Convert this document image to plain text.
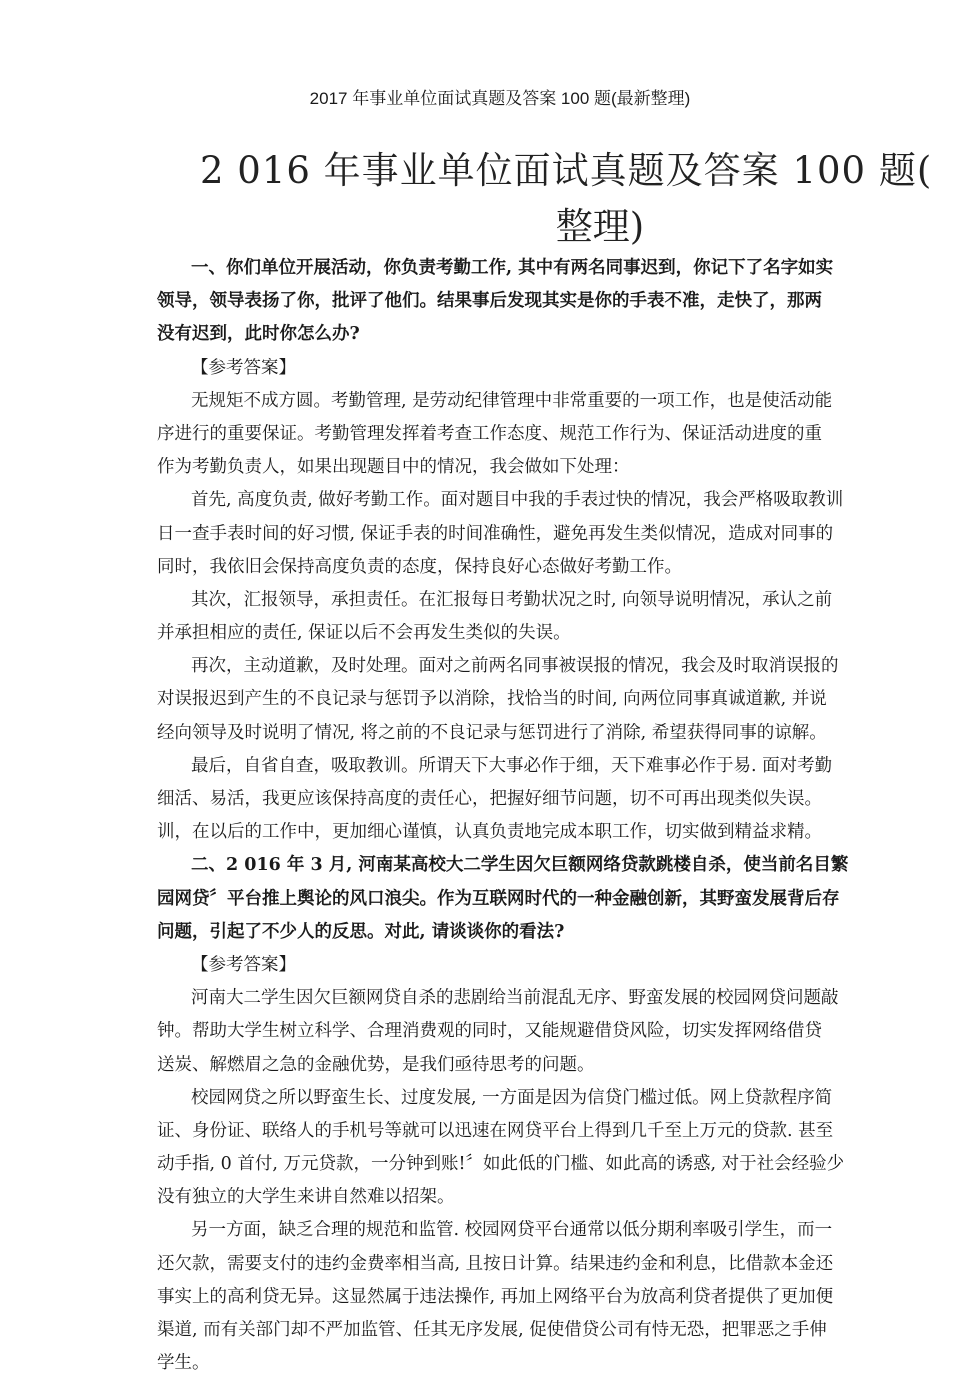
2017 年事业单位面试真题及答案 100 题(最新整理)
2 016 年事业单位面试真题及答案 100 题(
整理)
一、你们单位开展活动，你负责考勤工作, 其中有两名同事迟到，你记下了名字如实
领导，领导表扬了你，批评了他们。结果事后发现其实是你的手表不准，走快了，那两
没有迟到，此时你怎么办?
【参考答案】
无规矩不成方圆。考勤管理, 是劳动纪律管理中非常重要的一项工作，也是使活动能
序进行的重要保证。考勤管理发挥着考查工作态度、规范工作行为、保证活动进度的重
作为考勤负责人，如果出现题目中的情况，我会做如下处理：
首先, 高度负责, 做好考勤工作。面对题目中我的手表过快的情况，我会严格吸取教训
日一查手表时间的好习惯, 保证手表的时间准确性，避免再发生类似情况，造成对同事的
同时，我依旧会保持高度负责的态度，保持良好心态做好考勤工作。
其次，汇报领导，承担责任。在汇报每日考勤状况之时, 向领导说明情况，承认之前
并承担相应的责任, 保证以后不会再发生类似的失误。
再次，主动道歉，及时处理。面对之前两名同事被误报的情况，我会及时取消误报的
对误报迟到产生的不良记录与惩罚予以消除，找恰当的时间, 向两位同事真诚道歉, 并说
经向领导及时说明了情况, 将之前的不良记录与惩罚进行了消除, 希望获得同事的谅解。
最后，自省自查，吸取教训。所谓天下大事必作于细，天下难事必作于易. 面对考勤
细活、易活，我更应该保持高度的责任心，把握好细节问题，切不可再出现类似失误。
训，在以后的工作中，更加细心谨慎，认真负责地完成本职工作，切实做到精益求精。
二、2 016 年 3 月, 河南某高校大二学生因欠巨额网络贷款跳楼自杀，使当前名目繁
园网贷〞平台推上舆论的风口浪尖。作为互联网时代的一种金融创新，其野蛮发展背后存
问题，引起了不少人的反思。对此, 请谈谈你的看法?
【参考答案】
河南大二学生因欠巨额网贷自杀的悲剧给当前混乱无序、野蛮发展的校园网贷问题敲
钟。帮助大学生树立科学、合理消费观的同时，又能规避借贷风险，切实发挥网络借贷
送炭、解燃眉之急的金融优势，是我们亟待思考的问题。
校园网贷之所以野蛮生长、过度发展, 一方面是因为信贷门槛过低。网上贷款程序简
证、身份证、联络人的手机号等就可以迅速在网贷平台上得到几千至上万元的贷款. 甚至
动手指, 0 首付, 万元贷款，一分钟到账!〞如此低的门槛、如此高的诱惑, 对于社会经验少
没有独立的大学生来讲自然难以招架。
另一方面，缺乏合理的规范和监管. 校园网贷平台通常以低分期利率吸引学生，而一
还欠款，需要支付的违约金费率相当高, 且按日计算。结果违约金和利息，比借款本金还
事实上的高利贷无异。这显然属于违法操作, 再加上网络平台为放高利贷者提供了更加便
渠道, 而有关部门却不严加监管、任其无序发展, 促使借贷公司有恃无恐，把罪恶之手伸
学生。
